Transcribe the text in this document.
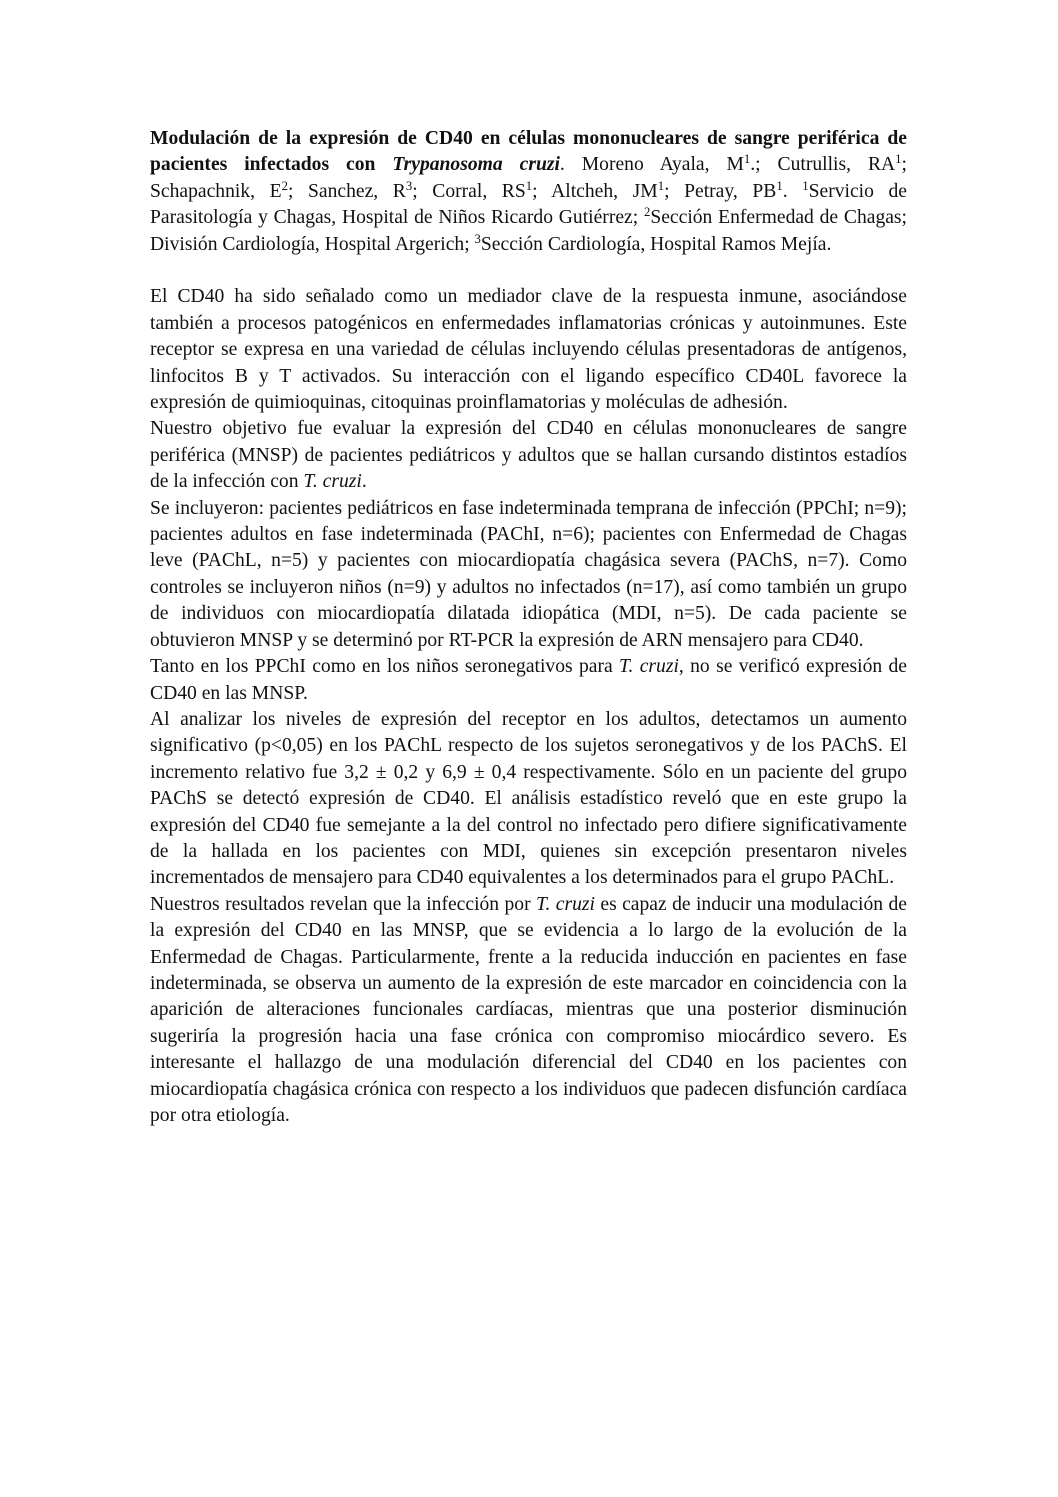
Modulación de la expresión de CD40 en células mononucleares de sangre periférica de pacientes infectados con Trypanosoma cruzi. Moreno Ayala, $M^1$.; Cutrullis, $RA^1$; Schapachnik, $E^2$; Sanchez, $R^3$; Corral, $RS^1$; Altcheh, $JM^1$; Petray, $PB^1$. $^1$Servicio de Parasitología y Chagas, Hospital de Niños Ricardo Gutiérrez; $^2$Sección Enfermedad de Chagas; División Cardiología, Hospital Argerich; $^3$Sección Cardiología, Hospital Ramos Mejía.

El CD40 ha sido señalado como un mediador clave de la respuesta inmune, asociándose también a procesos patogénicos en enfermedades inflamatorias crónicas y autoinmunes. Este receptor se expresa en una variedad de células incluyendo células presentadoras de antígenos, linfocitos B y T activados. Su interacción con el ligando específico CD40L favorece la expresión de quimioquinas, citoquinas proinflamatorias y moléculas de adhesión.

Nuestro objetivo fue evaluar la expresión del CD40 en células mononucleares de sangre periférica (MNSP) de pacientes pediátricos y adultos que se hallan cursando distintos estadíos de la infección con T. cruzi.

Se incluyeron: pacientes pediátricos en fase indeterminada temprana de infección (PPChI; n=9); pacientes adultos en fase indeterminada (PAChI, n=6); pacientes con Enfermedad de Chagas leve (PAChL, n=5) y pacientes con miocardiopatía chagásica severa (PAChS, n=7). Como controles se incluyeron niños (n=9) y adultos no infectados (n=17), así como también un grupo de individuos con miocardiopatía dilatada idiopática (MDI, n=5). De cada paciente se obtuvieron MNSP y se determinó por RT-PCR la expresión de ARN mensajero para CD40.

Tanto en los PPChI como en los niños seronegativos para T. cruzi, no se verificó expresión de CD40 en las MNSP.

Al analizar los niveles de expresión del receptor en los adultos, detectamos un aumento significativo (p<0,05) en los PAChL respecto de los sujetos seronegativos y de los PAChS. El incremento relativo fue 3,2 ± 0,2 y 6,9 ± 0,4 respectivamente. Sólo en un paciente del grupo PAChS se detectó expresión de CD40. El análisis estadístico reveló que en este grupo la expresión del CD40 fue semejante a la del control no infectado pero difiere significativamente de la hallada en los pacientes con MDI, quienes sin excepción presentaron niveles incrementados de mensajero para CD40 equivalentes a los determinados para el grupo PAChL.

Nuestros resultados revelan que la infección por T. cruzi es capaz de inducir una modulación de la expresión del CD40 en las MNSP, que se evidencia a lo largo de la evolución de la Enfermedad de Chagas. Particularmente, frente a la reducida inducción en pacientes en fase indeterminada, se observa un aumento de la expresión de este marcador en coincidencia con la aparición de alteraciones funcionales cardíacas, mientras que una posterior disminución sugeriría la progresión hacia una fase crónica con compromiso miocárdico severo. Es interesante el hallazgo de una modulación diferencial del CD40 en los pacientes con miocardiopatía chagásica crónica con respecto a los individuos que padecen disfunción cardíaca por otra etiología.
